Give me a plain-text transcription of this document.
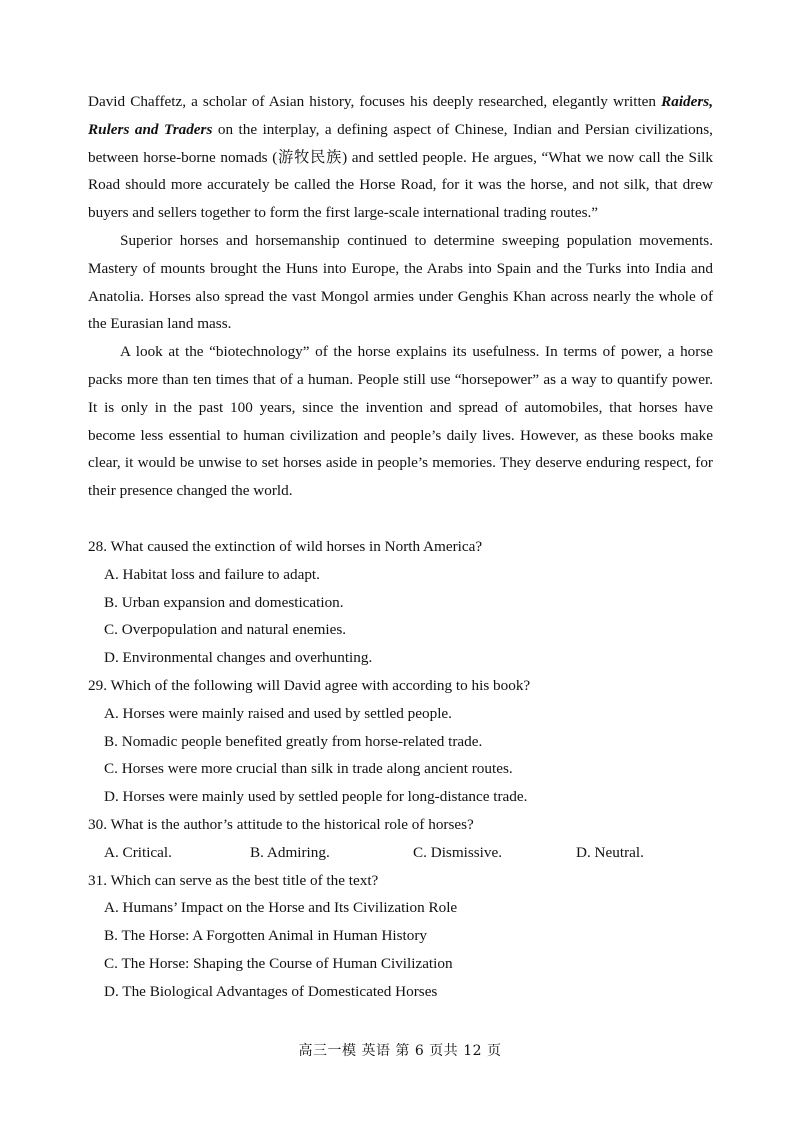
David Chaffetz, a scholar of Asian history, focuses his deeply researched, elegantly written Raiders, Rulers and Traders on the interplay, a defining aspect of Chinese, Indian and Persian civilizations, between horse-borne nomads (游牧民族) and settled people. He argues, “What we now call the Silk Road should more accurately be called the Horse Road, for it was the horse, and not silk, that drew buyers and sellers together to form the first large-scale international trading routes.”

Superior horses and horsemanship continued to determine sweeping population movements. Mastery of mounts brought the Huns into Europe, the Arabs into Spain and the Turks into India and Anatolia. Horses also spread the vast Mongol armies under Genghis Khan across nearly the whole of the Eurasian land mass.

A look at the “biotechnology” of the horse explains its usefulness. In terms of power, a horse packs more than ten times that of a human. People still use “horsepower” as a way to quantify power. It is only in the past 100 years, since the invention and spread of automobiles, that horses have become less essential to human civilization and people’s daily lives. However, as these books make clear, it would be unwise to set horses aside in people’s memories. They deserve enduring respect, for their presence changed the world.

28. What caused the extinction of wild horses in North America?

A. Habitat loss and failure to adapt.

B. Urban expansion and domestication.

C. Overpopulation and natural enemies.

D. Environmental changes and overhunting.

29. Which of the following will David agree with according to his book?

A. Horses were mainly raised and used by settled people.

B. Nomadic people benefited greatly from horse-related trade.

C. Horses were more crucial than silk in trade along ancient routes.

D. Horses were mainly used by settled people for long-distance trade.

30. What is the author’s attitude to the historical role of horses?

A. Critical.	B. Admiring.	C. Dismissive.	D. Neutral.

31. Which can serve as the best title of the text?

A. Humans’ Impact on the Horse and Its Civilization Role

B. The Horse: A Forgotten Animal in Human History

C. The Horse: Shaping the Course of Human Civilization

D. The Biological Advantages of Domesticated Horses

高三一模 英语 第 6 页共 12 页
